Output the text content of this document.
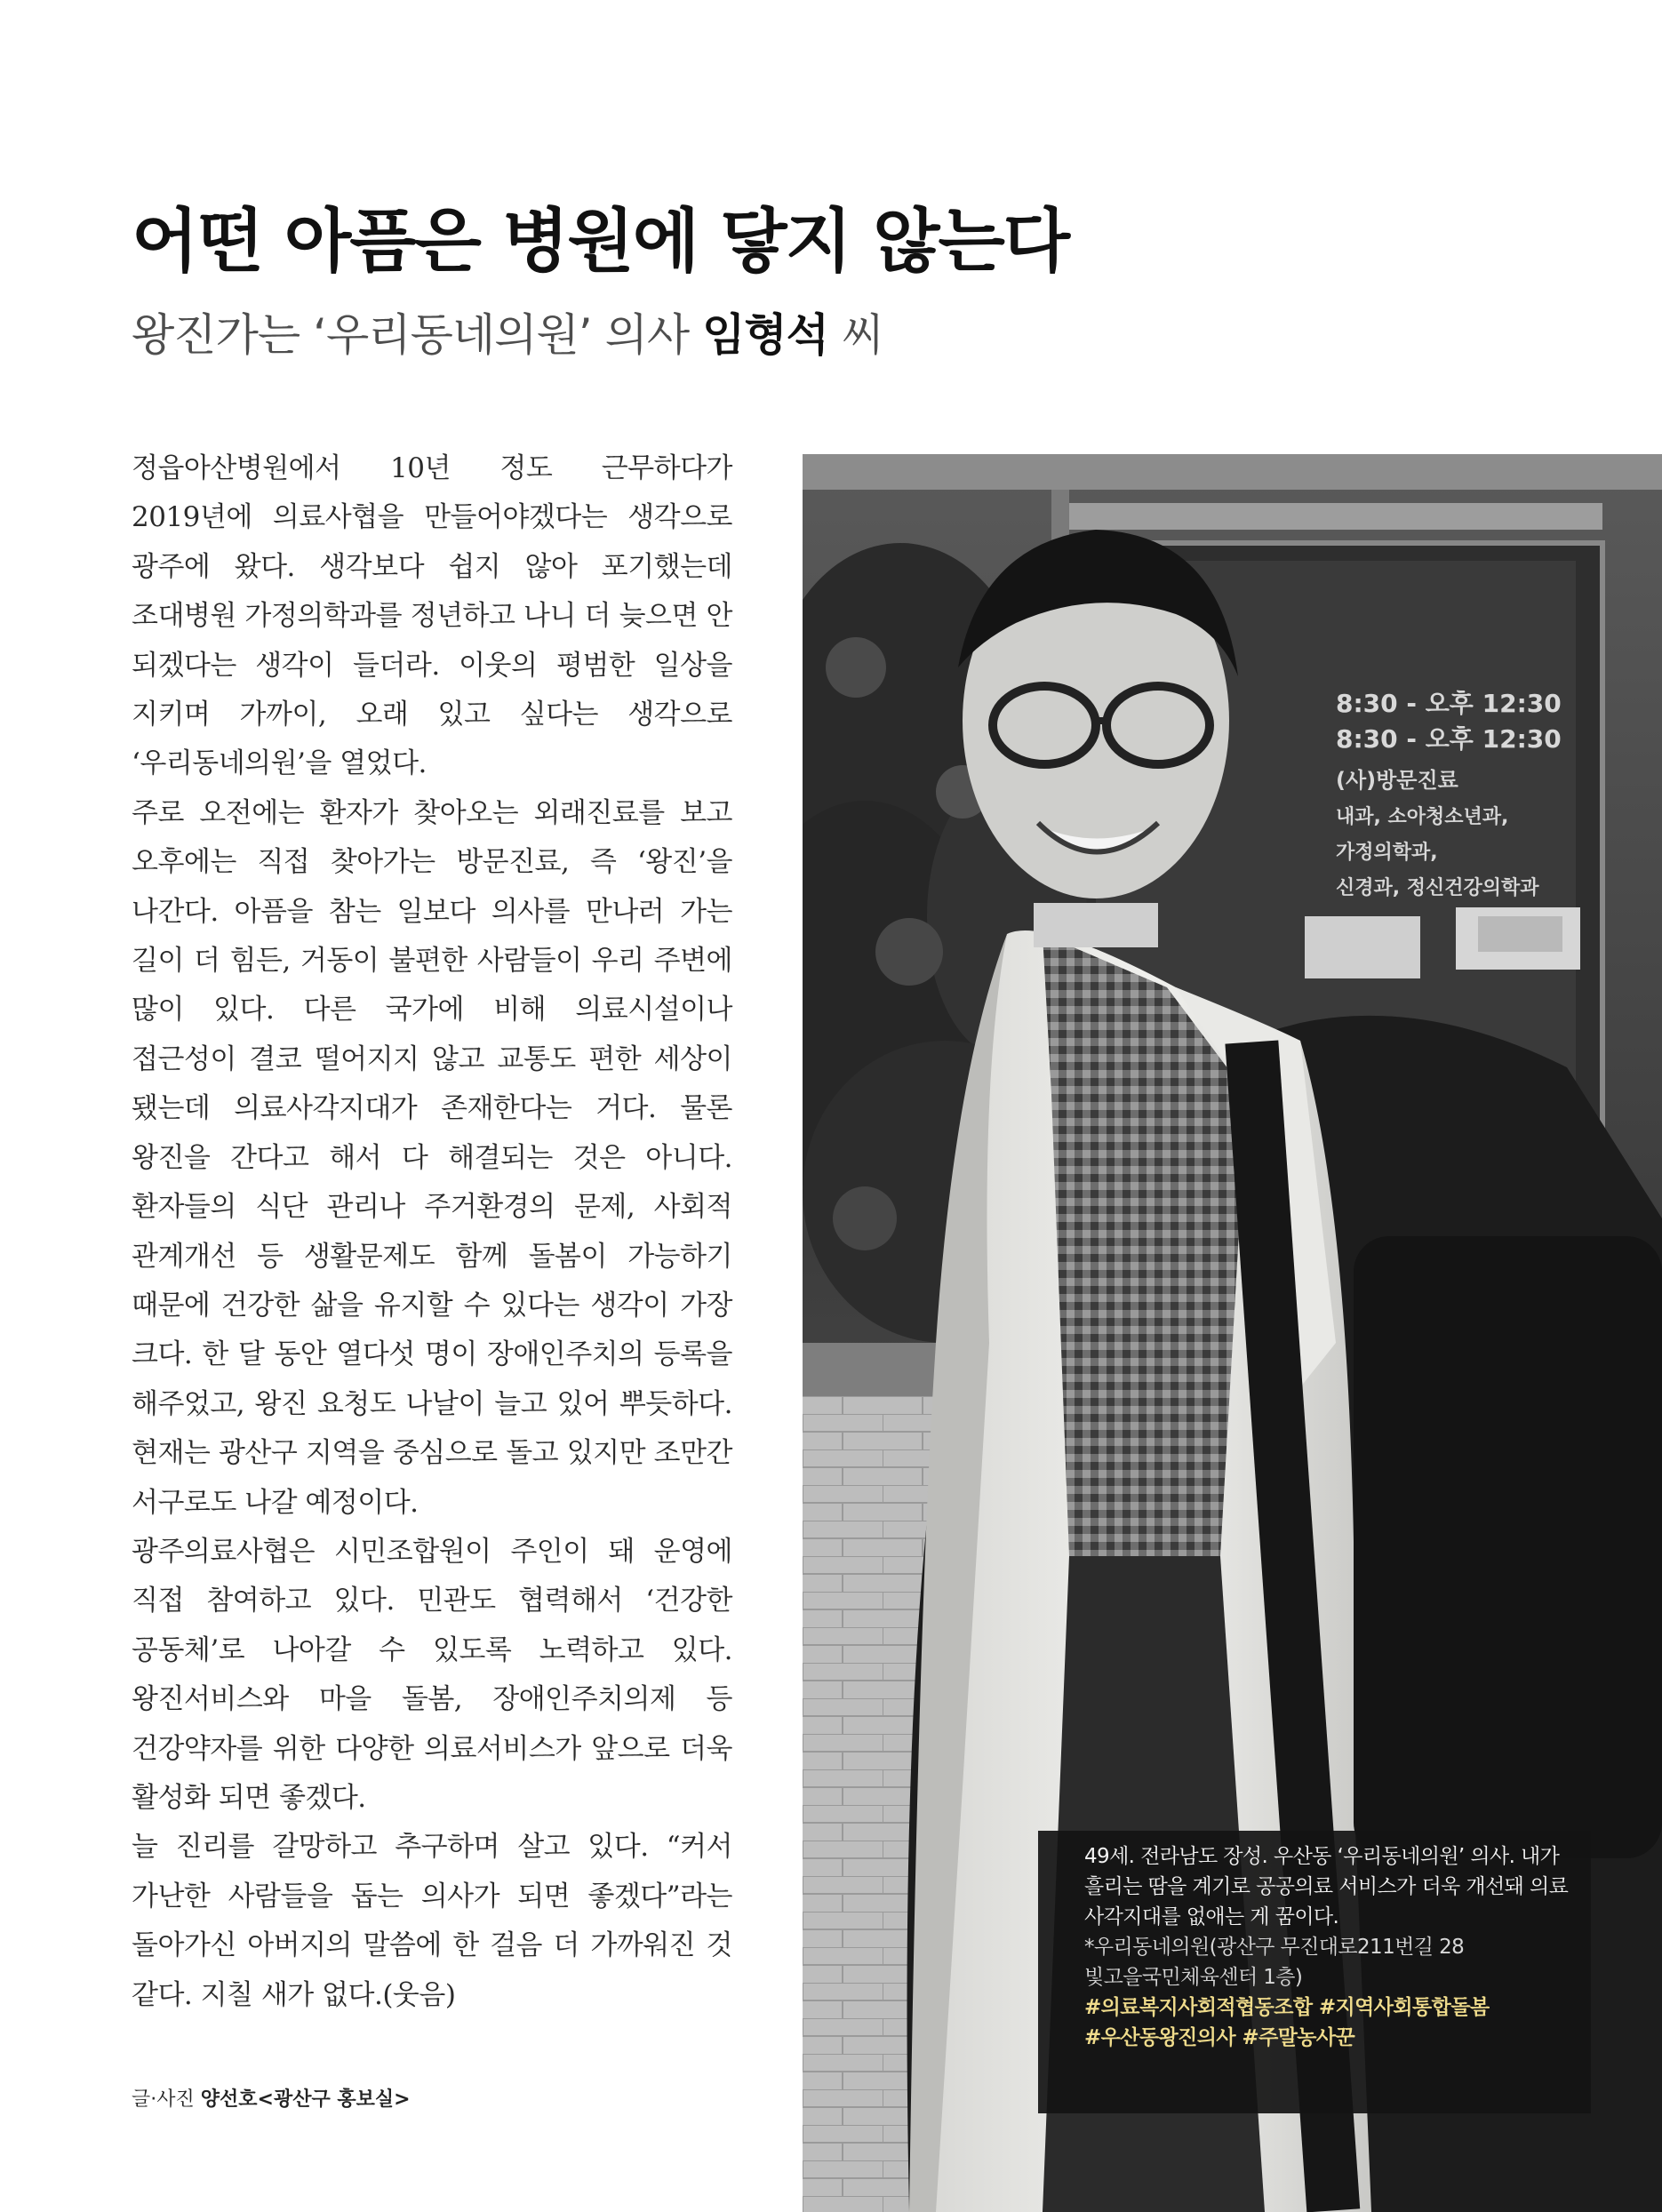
어떤 아픔은 병원에 닿지 않는다
왕진가는 ‘우리동네의원’ 의사 임형석 씨

정읍아산병원에서 10년 정도 근무하다가 2019년에 의료사협을 만들어야겠다는 생각으로 광주에 왔다. 생각보다 쉽지 않아 포기했는데 조대병원 가정의학과를 정년하고 나니 더 늦으면 안 되겠다는 생각이 들더라. 이웃의 평범한 일상을 지키며 가까이, 오래 있고 싶다는 생각으로 ‘우리동네의원’을 열었다.

주로 오전에는 환자가 찾아오는 외래진료를 보고 오후에는 직접 찾아가는 방문진료, 즉 ‘왕진’을 나간다. 아픔을 참는 일보다 의사를 만나러 가는 길이 더 힘든, 거동이 불편한 사람들이 우리 주변에 많이 있다. 다른 국가에 비해 의료시설이나 접근성이 결코 떨어지지 않고 교통도 편한 세상이 됐는데 의료사각지대가 존재한다는 거다. 물론 왕진을 간다고 해서 다 해결되는 것은 아니다. 환자들의 식단 관리나 주거환경의 문제, 사회적 관계개선 등 생활문제도 함께 돌봄이 가능하기 때문에 건강한 삶을 유지할 수 있다는 생각이 가장 크다. 한 달 동안 열다섯 명이 장애인주치의 등록을 해주었고, 왕진 요청도 나날이 늘고 있어 뿌듯하다. 현재는 광산구 지역을 중심으로 돌고 있지만 조만간 서구로도 나갈 예정이다.

광주의료사협은 시민조합원이 주인이 돼 운영에 직접 참여하고 있다. 민관도 협력해서 ‘건강한 공동체’로 나아갈 수 있도록 노력하고 있다. 왕진서비스와 마을 돌봄, 장애인주치의제 등 건강약자를 위한 다양한 의료서비스가 앞으로 더욱 활성화 되면 좋겠다.

늘 진리를 갈망하고 추구하며 살고 있다. “커서 가난한 사람들을 돕는 의사가 되면 좋겠다”라는 돌아가신 아버지의 말씀에 한 걸음 더 가까워진 것 같다. 지칠 새가 없다.(웃음)

글·사진 양선호<광산구 홍보실>
8:30 - 오후 12:30
8:30 - 오후 12:30
(사)방문진료
내과, 소아청소년과,
가정의학과,
신경과, 정신건강의학과

49세. 전라남도 장성. 우산동 ‘우리동네의원’ 의사. 내가 흘리는 땀을 계기로 공공의료 서비스가 더욱 개선돼 의료 사각지대를 없애는 게 꿈이다.

*우리동네의원(광산구 무진대로211번길 28 빛고을국민체육센터 1층)

#의료복지사회적협동조합 #지역사회통합돌봄

#우산동왕진의사 #주말농사꾼
